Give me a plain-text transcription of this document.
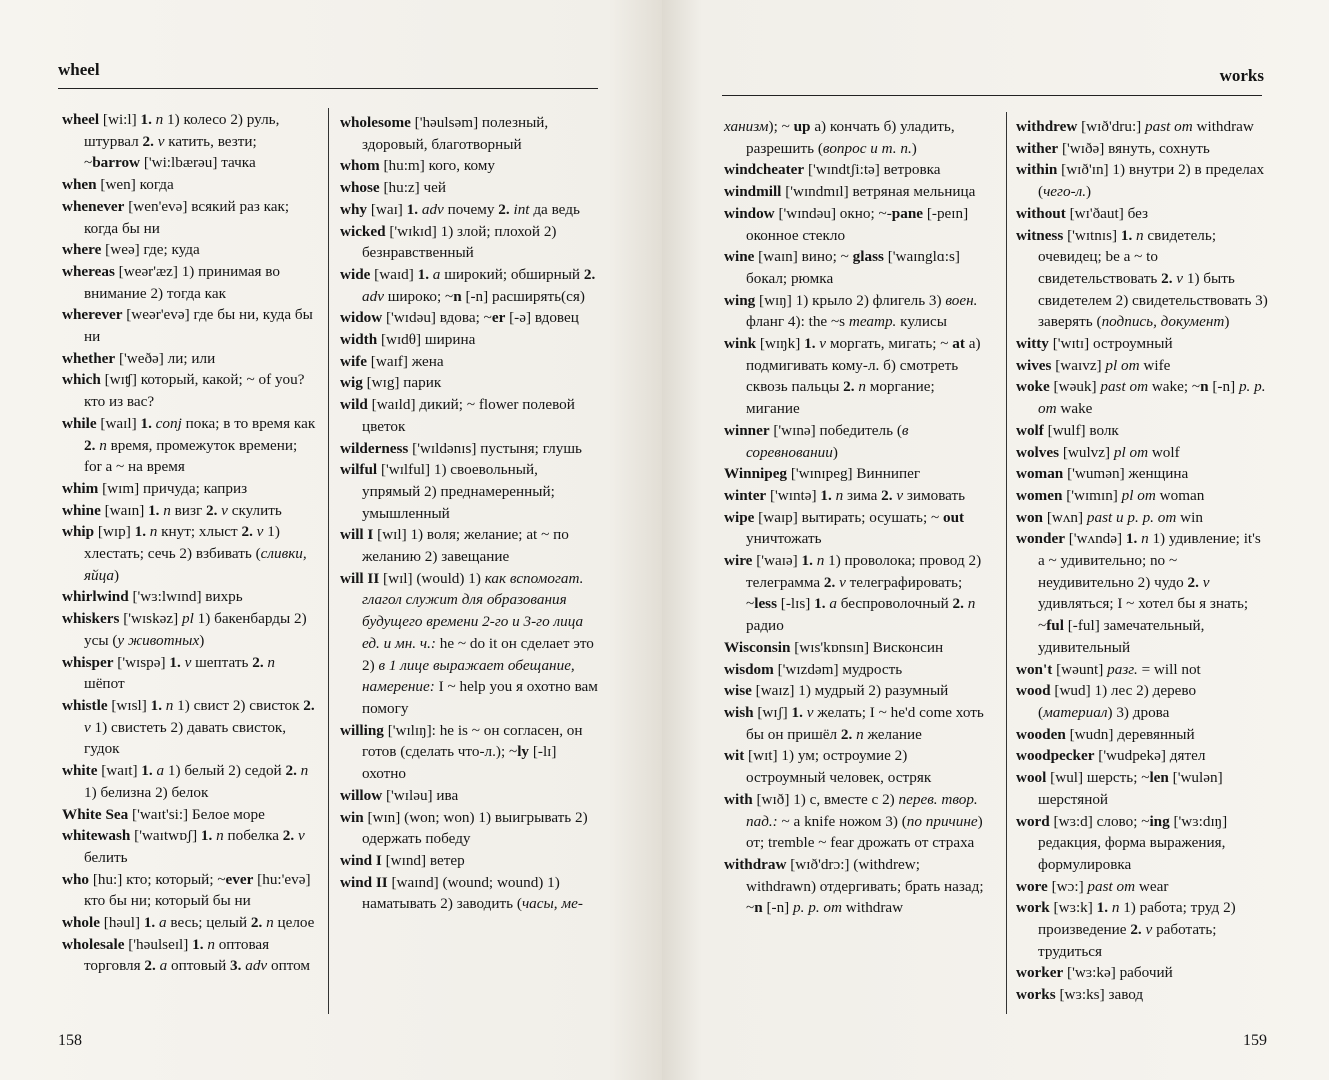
wheel

wheel [wi:l] 1. n 1) колесо 2) руль, штурвал 2. v катить, везти; ~barrow ['wi:lbærəu] тачка

when [wen] когда

whenever [wen'evə] всякий раз как; когда бы ни

where [weə] где; куда

whereas [weər'æz] 1) принимая во внимание 2) тогда как

wherever [weər'evə] где бы ни, куда бы ни

whether ['weðə] ли; или

which [wɪʧ] который, какой; ~ of you? кто из вас?

while [waɪl] 1. conj пока; в то время как 2. n время, промежуток времени; for a ~ на время

whim [wɪm] причуда; каприз

whine [waɪn] 1. n визг 2. v скулить

whip [wɪp] 1. n кнут; хлыст 2. v 1) хлестать; сечь 2) взбивать (сливки, яйца)

whirlwind ['wɜ:lwɪnd] вихрь

whiskers ['wɪskəz] pl 1) бакенбарды 2) усы (у животных)

whisper ['wɪspə] 1. v шептать 2. n шёпот

whistle [wɪsl] 1. n 1) свист 2) свисток 2. v 1) свистеть 2) давать свисток, гудок

white [waɪt] 1. a 1) белый 2) седой 2. n 1) белизна 2) белок

White Sea ['waɪt'si:] Белое море

whitewash ['waɪtwɒʃ] 1. n побелка 2. v белить

who [hu:] кто; который; ~ever [hu:'evə] кто бы ни; который бы ни

whole [həul] 1. a весь; целый 2. n целое

wholesale ['həulseɪl] 1. n оптовая торговля 2. a оптовый 3. adv оптом

wholesome ['həulsəm] полезный, здоровый, благотворный

whom [hu:m] кого, кому

whose [hu:z] чей

why [waɪ] 1. adv почему 2. int да ведь

wicked ['wɪkɪd] 1) злой; плохой 2) безнравственный

wide [waɪd] 1. a широкий; обширный 2. adv широко; ~n [-n] расширять(ся)

widow ['wɪdəu] вдова; ~er [-ə] вдовец

width [wɪdθ] ширина

wife [waɪf] жена

wig [wɪg] парик

wild [waɪld] дикий; ~ flower полевой цветок

wilderness ['wɪldənɪs] пустыня; глушь

wilful ['wɪlful] 1) своевольный, упрямый 2) преднамеренный; умышленный

will I [wɪl] 1) воля; желание; at ~ по желанию 2) завещание

will II [wɪl] (would) 1) как вспомогат. глагол служит для образования будущего времени 2-го и 3-го лица ед. и мн. ч.: he ~ do it он сделает это 2) в 1 лице выражает обещание, намерение: I ~ help you я охотно вам помогу

willing ['wɪlɪŋ]: he is ~ он согласен, он готов (сделать что-л.); ~ly [-lɪ] охотно

willow ['wɪləu] ива

win [wɪn] (won; won) 1) выигрывать 2) одержать победу

wind I [wɪnd] ветер

wind II [waɪnd] (wound; wound) 1) наматывать 2) заводить (часы, ме-

158
works

ханизм); ~ up а) кончать б) уладить, разрешить (вопрос и т. п.)

windcheater ['wɪndtʃi:tə] ветровка

windmill ['wɪndmɪl] ветряная мельница

window ['wɪndəu] окно; ~-pane [-peɪn] оконное стекло

wine [waɪn] вино; ~ glass ['waɪnglɑ:s] бокал; рюмка

wing [wɪŋ] 1) крыло 2) флигель 3) воен. фланг 4): the ~s театр. кулисы

wink [wɪŋk] 1. v моргать, мигать; ~ at а) подмигивать кому-л. б) смотреть сквозь пальцы 2. n моргание; мигание

winner ['wɪnə] победитель (в соревновании)

Winnipeg ['wɪnɪpeg] Виннипег

winter ['wɪntə] 1. n зима 2. v зимовать

wipe [waɪp] вытирать; осушать; ~ out уничтожать

wire ['waɪə] 1. n 1) проволока; провод 2) телеграмма 2. v телеграфировать; ~less [-lɪs] 1. a беспроволочный 2. n радио

Wisconsin [wɪs'kɒnsɪn] Висконсин

wisdom ['wɪzdəm] мудрость

wise [waɪz] 1) мудрый 2) разумный

wish [wɪʃ] 1. v желать; I ~ he'd come хоть бы он пришёл 2. n желание

wit [wɪt] 1) ум; остроумие 2) остроумный человек, остряк

with [wɪð] 1) с, вместе с 2) перев. твор. пад.: ~ a knife ножом 3) (по причине) от; tremble ~ fear дрожать от страха

withdraw [wɪð'drɔ:] (withdrew; withdrawn) отдергивать; брать назад; ~n [-n] p. p. от withdraw

withdrew [wɪð'dru:] past от withdraw

wither ['wɪðə] вянуть, сохнуть

within [wɪð'ɪn] 1) внутри 2) в пределах (чего-л.)

without [wɪ'ðaut] без

witness ['wɪtnɪs] 1. n свидетель; очевидец; be a ~ to свидетельствовать 2. v 1) быть свидетелем 2) свидетельствовать 3) заверять (подпись, документ)

witty ['wɪtɪ] остроумный

wives [waɪvz] pl от wife

woke [wəuk] past от wake; ~n [-n] p. p. от wake

wolf [wulf] волк

wolves [wulvz] pl от wolf

woman ['wumən] женщина

women ['wɪmɪn] pl от woman

won [wʌn] past и p. p. от win

wonder ['wʌndə] 1. n 1) удивление; it's a ~ удивительно; no ~ неудивительно 2) чудо 2. v удивляться; I ~ хотел бы я знать; ~ful [-ful] замечательный, удивительный

won't [wəunt] разг. = will not

wood [wud] 1) лес 2) дерево (материал) 3) дрова

wooden [wudn] деревянный

woodpecker ['wudpekə] дятел

wool [wul] шерсть; ~len ['wulən] шерстяной

word [wɜ:d] слово; ~ing ['wɜ:dɪŋ] редакция, форма выражения, формулировка

wore [wɔ:] past от wear

work [wɜ:k] 1. n 1) работа; труд 2) произведение 2. v работать; трудиться

worker ['wɜ:kə] рабочий

works [wɜ:ks] завод

159
